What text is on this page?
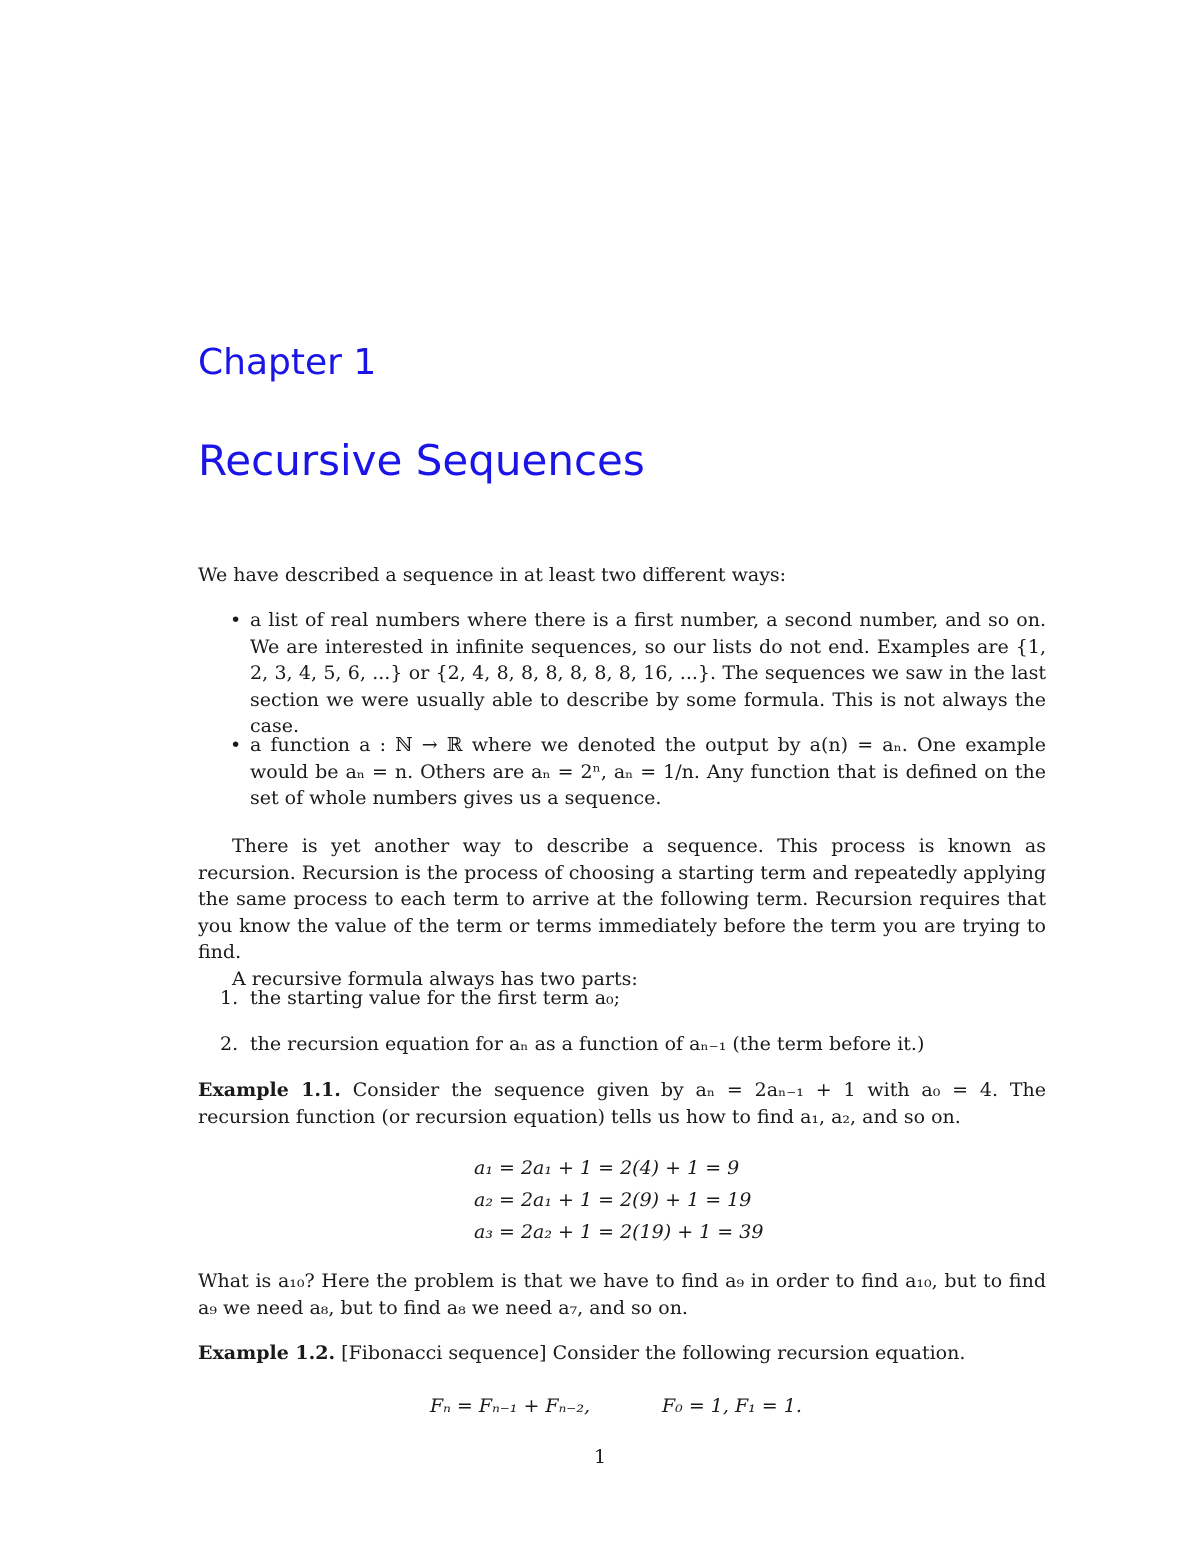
Chapter 1
Recursive Sequences

We have described a sequence in at least two different ways:

• a list of real numbers where there is a first number, a second number, and so on. We are interested in infinite sequences, so our lists do not end. Examples are {1, 2, 3, 4, 5, 6, ...} or {2, 4, 8, 8, 8, 8, 8, 8, 16, ...}. The sequences we saw in the last section we were usually able to describe by some formula. This is not always the case.
• a function a : ℕ → ℝ where we denoted the output by a(n) = aₙ. One example would be aₙ = n. Others are aₙ = 2ⁿ, aₙ = 1/n. Any function that is defined on the set of whole numbers gives us a sequence.

There is yet another way to describe a sequence. This process is known as recursion. Recursion is the process of choosing a starting term and repeatedly applying the same process to each term to arrive at the following term. Recursion requires that you know the value of the term or terms immediately before the term you are trying to find.

A recursive formula always has two parts:

1. the starting value for the first term a₀;
2. the recursion equation for aₙ as a function of aₙ₋₁ (the term before it.)

Example 1.1. Consider the sequence given by aₙ = 2aₙ₋₁ + 1 with a₀ = 4. The recursion function (or recursion equation) tells us how to find a₁, a₂, and so on.

a₁ = 2a₁ + 1 = 2(4) + 1 = 9
a₂ = 2a₁ + 1 = 2(9) + 1 = 19
a₃ = 2a₂ + 1 = 2(19) + 1 = 39

What is a₁₀? Here the problem is that we have to find a₉ in order to find a₁₀, but to find a₉ we need a₈, but to find a₈ we need a₇, and so on.

Example 1.2. [Fibonacci sequence] Consider the following recursion equation.

Fₙ = Fₙ₋₁ + Fₙ₋₂,	F₀ = 1, F₁ = 1.
1
